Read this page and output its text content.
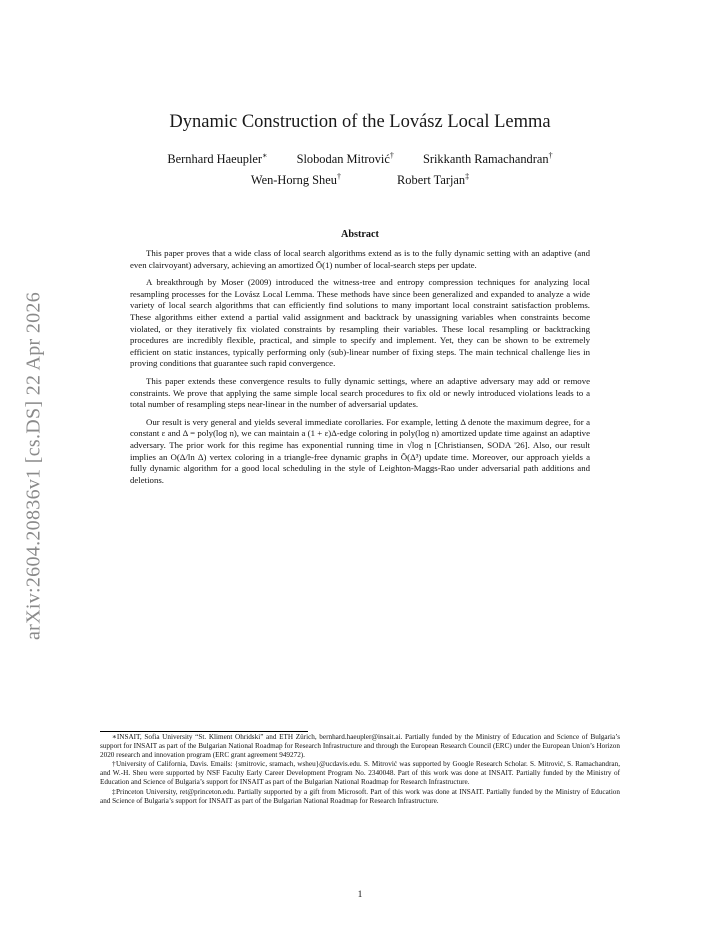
arXiv:2604.20836v1 [cs.DS] 22 Apr 2026
Dynamic Construction of the Lovász Local Lemma
Bernhard Haeupler∗ Slobodan Mitrović† Srikkanth Ramachandran†
Wen-Horng Sheu†	Robert Tarjan‡
Abstract

This paper proves that a wide class of local search algorithms extend as is to the fully dynamic setting with an adaptive (and even clairvoyant) adversary, achieving an amortized Õ(1) number of local-search steps per update.

A breakthrough by Moser (2009) introduced the witness-tree and entropy compression techniques for analyzing local resampling processes for the Lovász Local Lemma. These methods have since been generalized and expanded to analyze a wide variety of local search algorithms that can efficiently find solutions to many important local constraint satisfaction problems. These algorithms either extend a partial valid assignment and backtrack by unassigning variables when constraints become violated, or they iteratively fix violated constraints by resampling their variables. These local resampling or backtracking procedures are incredibly flexible, practical, and simple to specify and implement. Yet, they can be shown to be extremely efficient on static instances, typically performing only (sub)-linear number of fixing steps. The main technical challenge lies in proving conditions that guarantee such rapid convergence.

This paper extends these convergence results to fully dynamic settings, where an adaptive adversary may add or remove constraints. We prove that applying the same simple local search procedures to fix old or newly introduced violations leads to a total number of resampling steps near-linear in the number of adversarial updates.

Our result is very general and yields several immediate corollaries. For example, letting Δ denote the maximum degree, for a constant ε and Δ = poly(log n), we can maintain a (1 + ε)Δ-edge coloring in poly(log n) amortized update time against an adaptive adversary. The prior work for this regime has exponential running time in √log n [Christiansen, SODA '26]. Also, our result implies an O(Δ/ln Δ) vertex coloring in a triangle-free dynamic graphs in Õ(Δ³) update time. Moreover, our approach yields a fully dynamic algorithm for a good local scheduling in the style of Leighton-Maggs-Rao under adversarial path additions and deletions.

∗INSAIT, Sofia University “St. Kliment Ohridski” and ETH Zürich, bernhard.haeupler@insait.ai. Partially funded by the Ministry of Education and Science of Bulgaria’s support for INSAIT as part of the Bulgarian National Roadmap for Research Infrastructure and through the European Research Council (ERC) under the European Union’s Horizon 2020 research and innovation program (ERC grant agreement 949272).

†University of California, Davis. Emails: {smitrovic, sramach, wsheu}@ucdavis.edu. S. Mitrović was supported by Google Research Scholar. S. Mitrović, S. Ramachandran, and W.-H. Sheu were supported by NSF Faculty Early Career Development Program No. 2340048. Part of this work was done at INSAIT. Partially funded by the Ministry of Education and Science of Bulgaria’s support for INSAIT as part of the Bulgarian National Roadmap for Research Infrastructure.

‡Princeton University, ret@princeton.edu. Partially supported by a gift from Microsoft. Part of this work was done at INSAIT. Partially funded by the Ministry of Education and Science of Bulgaria’s support for INSAIT as part of the Bulgarian National Roadmap for Research Infrastructure.

1
